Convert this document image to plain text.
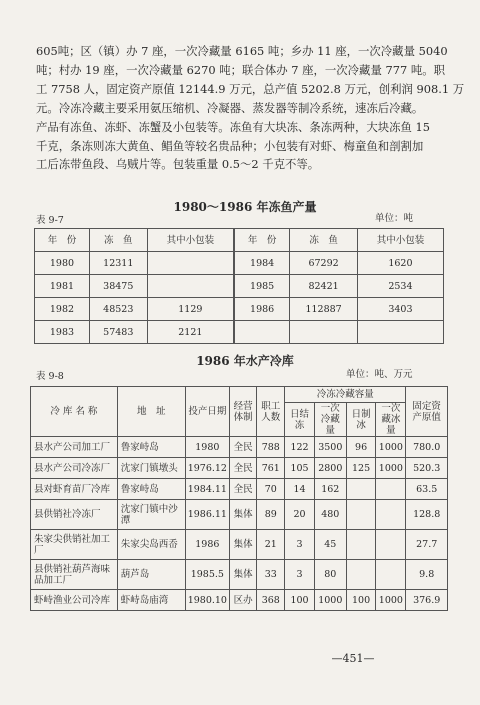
605吨；区（镇）办 7 座，一次冷藏量 6165 吨；乡办 11 座，一次冷藏量 5040
吨；村办 19 座，一次冷藏量 6270 吨；联合体办 7 座，一次冷藏量 777 吨。职
工 7758 人，固定资产原值 12144.9 万元，总产值 5202.8 万元，创利润 908.1 万
元。冷冻冷藏主要采用氨压缩机、冷凝器、蒸发器等制冷系统，速冻后冷藏。
产品有冻鱼、冻虾、冻蟹及小包装等。冻鱼有大块冻、条冻两种，大块冻鱼 15
千克，条冻则冻大黄鱼、鲳鱼等较名贵品种；小包装有对虾、梅童鱼和剖割加
工后冻带鱼段、乌贼片等。包装重量 0.5～2 千克不等。

1980～1986 年冻鱼产量
表 9-7	单位：吨
年　份	冻　鱼	其中小包装	年　份	冻　鱼	其中小包装
1980	12311		1984	67292	1620
1981	38475		1985	82421	2534
1982	48523	1129	1986	112887	3403
1983	57483	2121			
1986 年水产冷库
表 9-8	单位：吨、万元
冷 库 名 称	地　址	投产日期	经营体制	职工人数	冷冻冷藏容量				固定资产原值
					日结冻	一次冷藏量	日制冰	一次藏冰量	
县水产公司加工厂	鲁家峙岛	1980	全民	788	122	3500	96	1000	780.0
县水产公司冷冻厂	沈家门镇墩头	1976.12	全民	761	105	2800	125	1000	520.3
县对虾育苗厂冷库	鲁家峙岛	1984.11	全民	70	14	162			63.5
县供销社冷冻厂	沈家门镇中沙潭	1986.11	集体	89	20	480			128.8
朱家尖供销社加工厂	朱家尖岛西岙	1986	集体	21	3	45			27.7
县供销社葫芦海味品加工厂	葫芦岛	1985.5	集体	33	3	80			9.8
虾峙渔业公司冷库	虾峙岛庙湾	1980.10	区办	368	100	1000	100	1000	376.9
—451—
